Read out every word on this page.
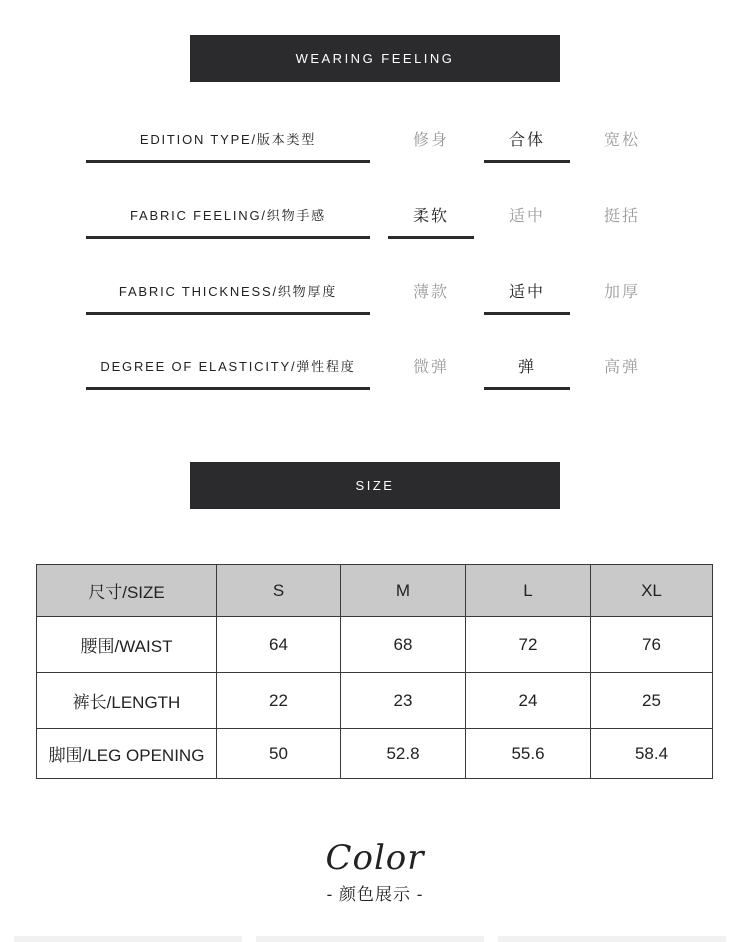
WEARING FEELING
EDITION TYPE/版本类型	修身	合体	宽松
FABRIC FEELING/织物手感	柔软	适中	挺括
FABRIC THICKNESS/织物厚度	薄款	适中	加厚
DEGREE OF ELASTICITY/弹性程度	微弹	弹	高弹
SIZE
尺寸/SIZE	S	M	L	XL
腰围/WAIST	64	68	72	76
裤长/LENGTH	22	23	24	25
脚围/LEG OPENING	50	52.8	55.6	58.4
Color
- 颜色展示 -
